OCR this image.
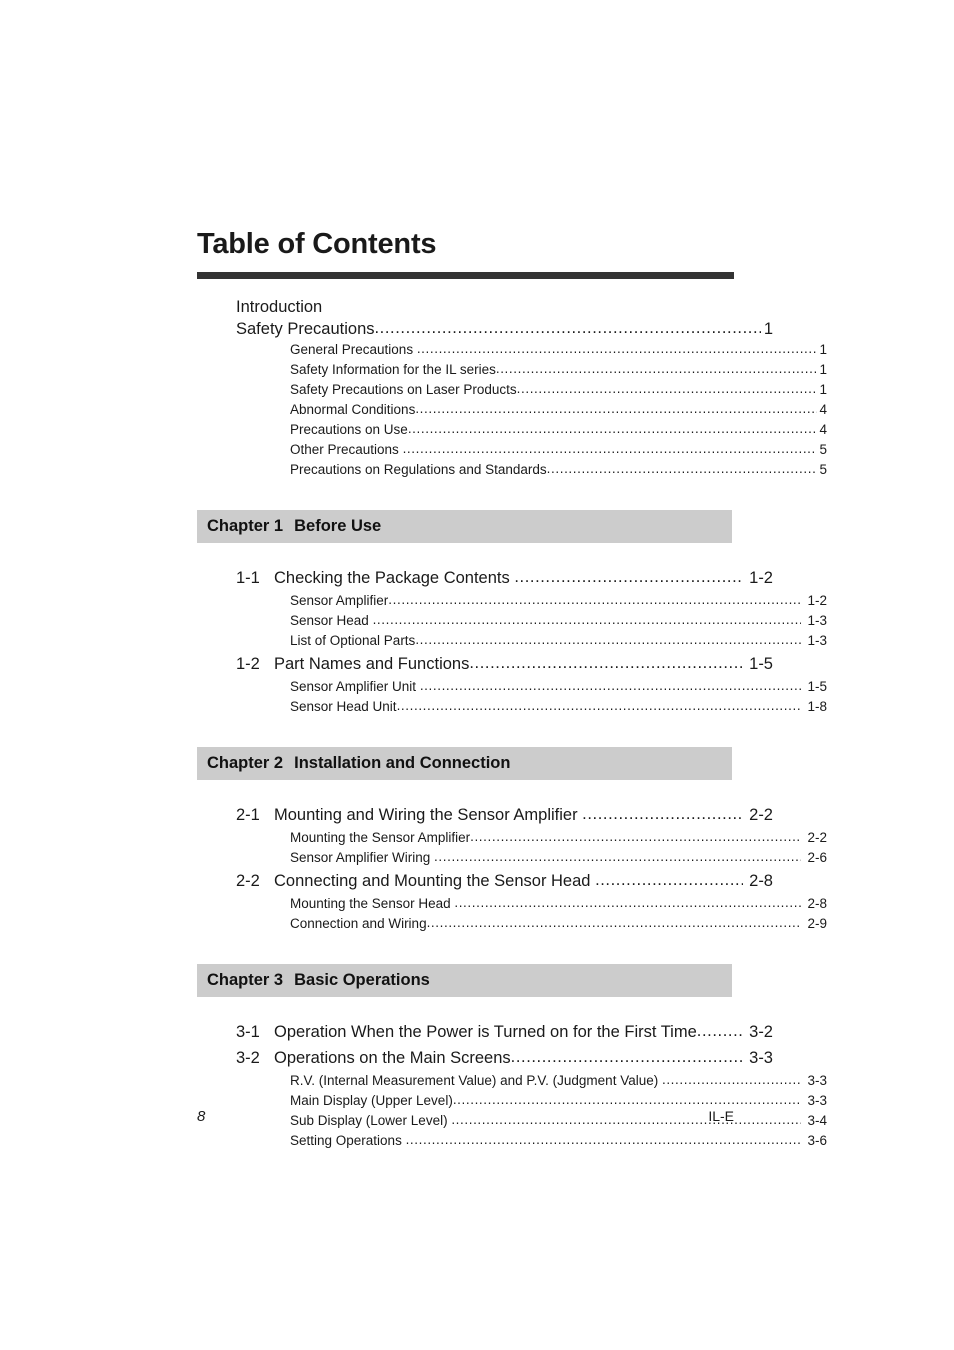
Table of Contents
Introduction
Safety Precautions .....	1
General Precautions .....	1
Safety Information for the IL series .....	1
Safety Precautions on Laser Products .....	1
Abnormal Conditions .....	4
Precautions on Use .....	4
Other Precautions .....	5
Precautions on Regulations and Standards .....	5
Chapter 1 Before Use
1-1 Checking the Package Contents .....	1-2
Sensor Amplifier .....	1-2
Sensor Head .....	1-3
List of Optional Parts .....	1-3
1-2 Part Names and Functions .....	1-5
Sensor Amplifier Unit .....	1-5
Sensor Head Unit .....	1-8
Chapter 2 Installation and Connection
2-1 Mounting and Wiring the Sensor Amplifier .....	2-2
Mounting the Sensor Amplifier .....	2-2
Sensor Amplifier Wiring .....	2-6
2-2 Connecting and Mounting the Sensor Head .....	2-8
Mounting the Sensor Head .....	2-8
Connection and Wiring .....	2-9
Chapter 3 Basic Operations
3-1 Operation When the Power is Turned on for the First Time .....	3-2
3-2 Operations on the Main Screens .....	3-3
R.V. (Internal Measurement Value) and P.V. (Judgment Value) .....	3-3
Main Display (Upper Level) .....	3-3
Sub Display (Lower Level) .....	3-4
Setting Operations .....	3-6
8	IL-E
